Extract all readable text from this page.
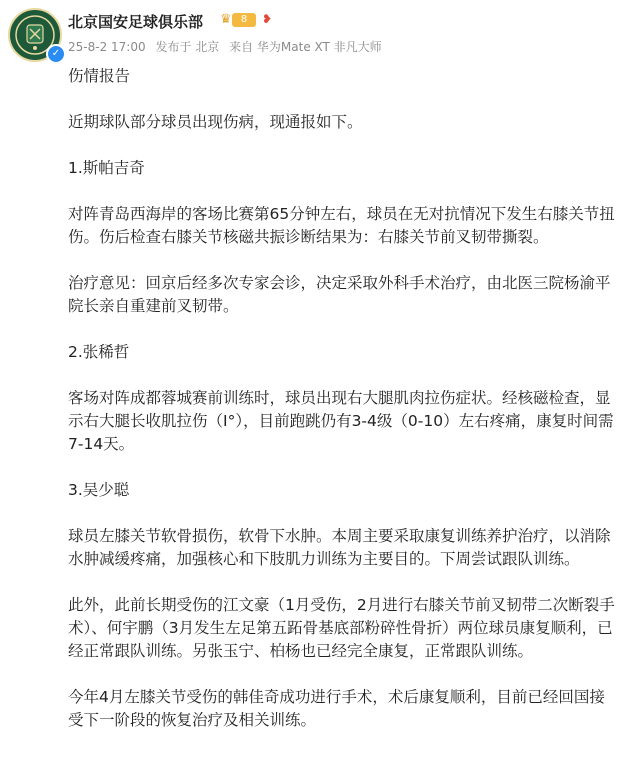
✓
北京国安足球俱乐部 ♛ 8	❥
25-8-2 17:00 发布于 北京 来自 华为Mate XT 非凡大师

伤情报告

近期球队部分球员出现伤病，现通报如下。

1.斯帕吉奇

对阵青岛西海岸的客场比赛第65分钟左右，球员在无对抗情况下发生右膝关节扭伤。伤后检查右膝关节核磁共振诊断结果为：右膝关节前叉韧带撕裂。

治疗意见：回京后经多次专家会诊，决定采取外科手术治疗，由北医三院杨渝平院长亲自重建前叉韧带。

2.张稀哲

客场对阵成都蓉城赛前训练时，球员出现右大腿肌肉拉伤症状。经核磁检查，显示右大腿长收肌拉伤（Ⅰ°），目前跑跳仍有3-4级（0-10）左右疼痛，康复时间需7-14天。

3.吴少聪

球员左膝关节软骨损伤，软骨下水肿。本周主要采取康复训练养护治疗，以消除水肿减缓疼痛，加强核心和下肢肌力训练为主要目的。下周尝试跟队训练。

此外，此前长期受伤的江文豪（1月受伤，2月进行右膝关节前叉韧带二次断裂手术）、何宇鹏（3月发生左足第五跖骨基底部粉碎性骨折）两位球员康复顺利，已经正常跟队训练。另张玉宁、柏杨也已经完全康复，正常跟队训练。

今年4月左膝关节受伤的韩佳奇成功进行手术，术后康复顺利，目前已经回国接受下一阶段的恢复治疗及相关训练。
